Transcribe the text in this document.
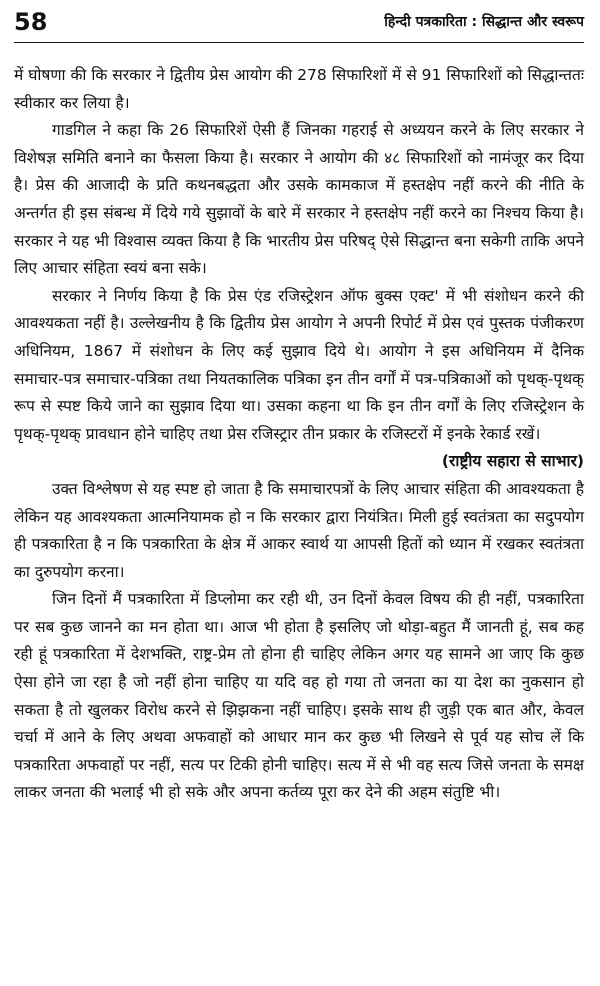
58	हिन्दी पत्रकारिता : सिद्धान्त और स्वरूप

में घोषणा की कि सरकार ने द्वितीय प्रेस आयोग की 278 सिफारिशों में से 91 सिफारिशों को सिद्धान्ततः स्वीकार कर लिया है।

गाडगिल ने कहा कि 26 सिफारिशें ऐसी हैं जिनका गहराई से अध्ययन करने के लिए सरकार ने विशेषज्ञ समिति बनाने का फैसला किया है। सरकार ने आयोग की ४८ सिफारिशों को नामंजूर कर दिया है। प्रेस की आजादी के प्रति कथनबद्धता और उसके कामकाज में हस्तक्षेप नहीं करने की नीति के अन्तर्गत ही इस संबन्ध में दिये गये सुझावों के बारे में सरकार ने हस्तक्षेप नहीं करने का निश्चय किया है। सरकार ने यह भी विश्वास व्यक्त किया है कि भारतीय प्रेस परिषद् ऐसे सिद्धान्त बना सकेगी ताकि अपने लिए आचार संहिता स्वयं बना सके।

सरकार ने निर्णय किया है कि प्रेस एंड रजिस्ट्रेशन ऑफ बुक्स एक्ट' में भी संशोधन करने की आवश्यकता नहीं है। उल्लेखनीय है कि द्वितीय प्रेस आयोग ने अपनी रिपोर्ट में प्रेस एवं पुस्तक पंजीकरण अधिनियम, 1867 में संशोधन के लिए कई सुझाव दिये थे। आयोग ने इस अधिनियम में दैनिक समाचार-पत्र समाचार-पत्रिका तथा नियतकालिक पत्रिका इन तीन वर्गों में पत्र-पत्रिकाओं को पृथक्-पृथक् रूप से स्पष्ट किये जाने का सुझाव दिया था। उसका कहना था कि इन तीन वर्गों के लिए रजिस्ट्रेशन के पृथक्-पृथक् प्रावधान होने चाहिए तथा प्रेस रजिस्ट्रार तीन प्रकार के रजिस्टरों में इनके रेकार्ड रखें।
(राष्ट्रीय सहारा से साभार)

उक्त विश्लेषण से यह स्पष्ट हो जाता है कि समाचारपत्रों के लिए आचार संहिता की आवश्यकता है लेकिन यह आवश्यकता आत्मनियामक हो न कि सरकार द्वारा नियंत्रित। मिली हुई स्वतंत्रता का सदुपयोग ही पत्रकारिता है न कि पत्रकारिता के क्षेत्र में आकर स्वार्थ या आपसी हितों को ध्यान में रखकर स्वतंत्रता का दुरुपयोग करना।

जिन दिनों मैं पत्रकारिता में डिप्लोमा कर रही थी, उन दिनों केवल विषय की ही नहीं, पत्रकारिता पर सब कुछ जानने का मन होता था। आज भी होता है इसलिए जो थोड़ा-बहुत मैं जानती हूं, सब कह रही हूं पत्रकारिता में देशभक्ति, राष्ट्र-प्रेम तो होना ही चाहिए लेकिन अगर यह सामने आ जाए कि कुछ ऐसा होने जा रहा है जो नहीं होना चाहिए या यदि वह हो गया तो जनता का या देश का नुकसान हो सकता है तो खुलकर विरोध करने से झिझकना नहीं चाहिए। इसके साथ ही जुड़ी एक बात और, केवल चर्चा में आने के लिए अथवा अफवाहों को आधार मान कर कुछ भी लिखने से पूर्व यह सोच लें कि पत्रकारिता अफवाहों पर नहीं, सत्य पर टिकी होनी चाहिए। सत्य में से भी वह सत्य जिसे जनता के समक्ष लाकर जनता की भलाई भी हो सके और अपना कर्तव्य पूरा कर देने की अहम संतुष्टि भी।
